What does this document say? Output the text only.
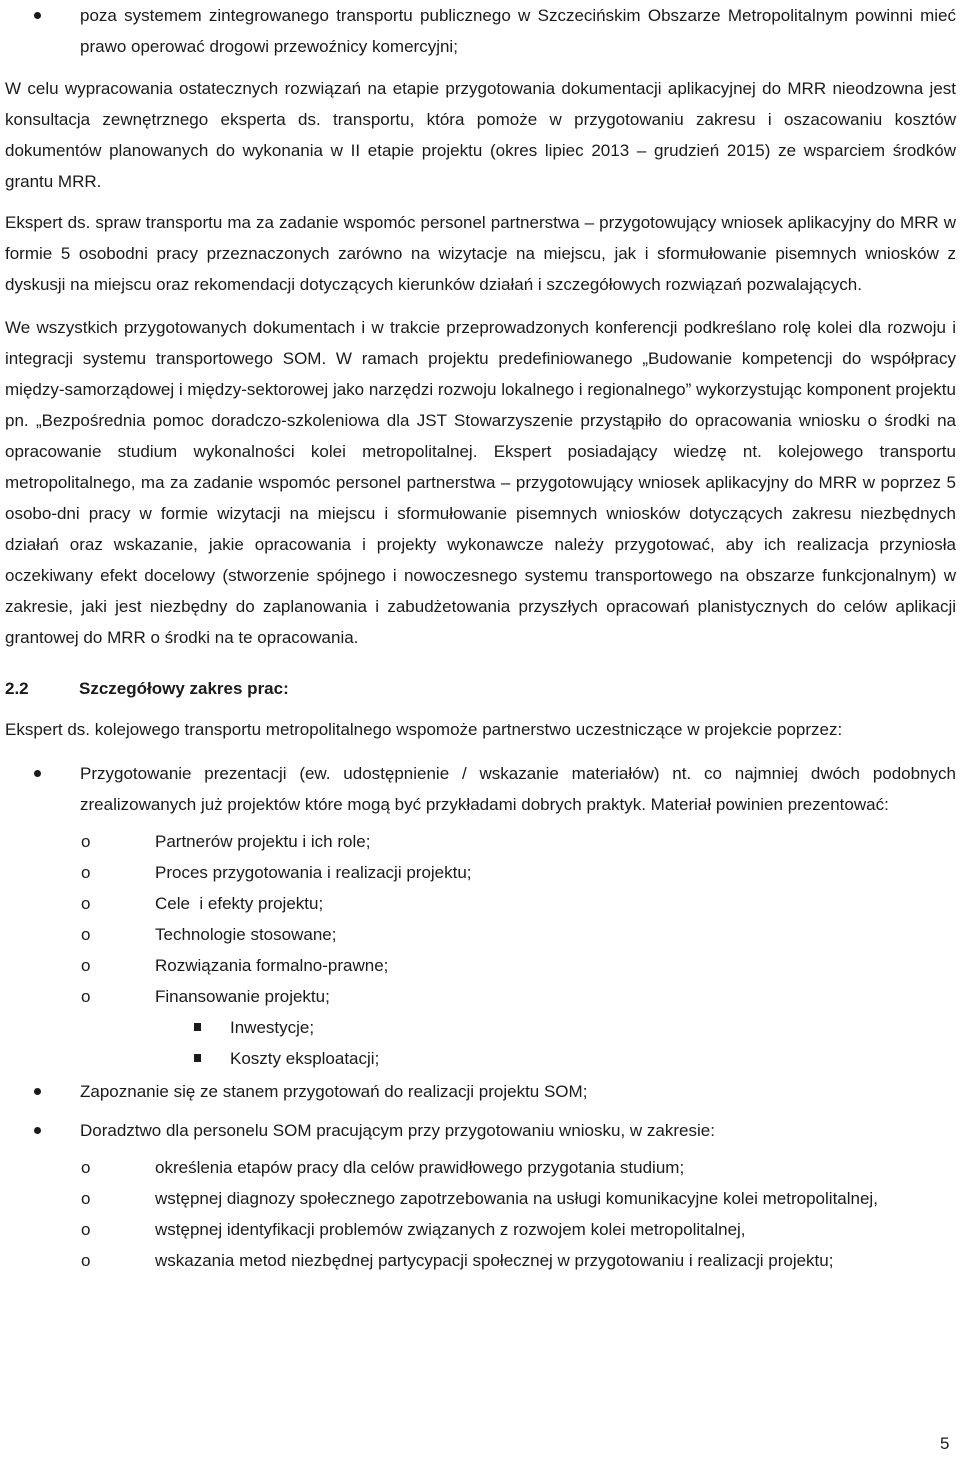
poza systemem zintegrowanego transportu publicznego w Szczecińskim Obszarze Metropolitalnym powinni mieć prawo operować drogowi przewoźnicy komercyjni;

W celu wypracowania ostatecznych rozwiązań na etapie przygotowania dokumentacji aplikacyjnej do MRR nieodzowna jest konsultacja zewnętrznego eksperta ds. transportu, która pomoże w przygotowaniu zakresu i oszacowaniu kosztów dokumentów planowanych do wykonania w II etapie projektu (okres lipiec 2013 – grudzień 2015) ze wsparciem środków grantu MRR.

Ekspert ds. spraw transportu ma za zadanie wspomóc personel partnerstwa – przygotowujący wniosek aplikacyjny do MRR w formie 5 osobodni pracy przeznaczonych zarówno na wizytacje na miejscu, jak i sformułowanie pisemnych wniosków z dyskusji na miejscu oraz rekomendacji dotyczących kierunków działań i szczegółowych rozwiązań pozwalających.

We wszystkich przygotowanych dokumentach i w trakcie przeprowadzonych konferencji podkreślano rolę kolei dla rozwoju i integracji systemu transportowego SOM. W ramach projektu predefiniowanego „Budowanie kompetencji do współpracy między-samorządowej i między-sektorowej jako narzędzi rozwoju lokalnego i regionalnego” wykorzystując komponent projektu pn. „Bezpośrednia pomoc doradczo-szkoleniowa dla JST Stowarzyszenie przystąpiło do opracowania wniosku o środki na opracowanie studium wykonalności kolei metropolitalnej. Ekspert posiadający wiedzę nt. kolejowego transportu metropolitalnego, ma za zadanie wspomóc personel partnerstwa – przygotowujący wniosek aplikacyjny do MRR w poprzez 5 osobo-dni pracy w formie wizytacji na miejscu i sformułowanie pisemnych wniosków dotyczących zakresu niezbędnych działań oraz wskazanie, jakie opracowania i projekty wykonawcze należy przygotować, aby ich realizacja przyniosła oczekiwany efekt docelowy (stworzenie spójnego i nowoczesnego systemu transportowego na obszarze funkcjonalnym) w zakresie, jaki jest niezbędny do zaplanowania i zabudżetowania przyszłych opracowań planistycznych do celów aplikacji grantowej do MRR o środki na te opracowania.

2.2	Szczegółowy zakres prac:

Ekspert ds. kolejowego transportu metropolitalnego wspomoże partnerstwo uczestniczące w projekcie poprzez:

Przygotowanie prezentacji (ew. udostępnienie / wskazanie materiałów) nt. co najmniej dwóch podobnych zrealizowanych już projektów które mogą być przykładami dobrych praktyk. Materiał powinien prezentować:
o	Partnerów projektu i ich role;
o	Proces przygotowania i realizacji projektu;
o	Cele  i efekty projektu;
o	Technologie stosowane;
o	Rozwiązania formalno-prawne;
o	Finansowanie projektu;
Inwestycje;
Koszty eksploatacji;
Zapoznanie się ze stanem przygotowań do realizacji projektu SOM;
Doradztwo dla personelu SOM pracującym przy przygotowaniu wniosku, w zakresie:
o	określenia etapów pracy dla celów prawidłowego przygotania studium;
o	wstępnej diagnozy społecznego zapotrzebowania na usługi komunikacyjne kolei metropolitalnej,
o	wstępnej identyfikacji problemów związanych z rozwojem kolei metropolitalnej,
o	wskazania metod niezbędnej partycypacji społecznej w przygotowaniu i realizacji projektu;
5
